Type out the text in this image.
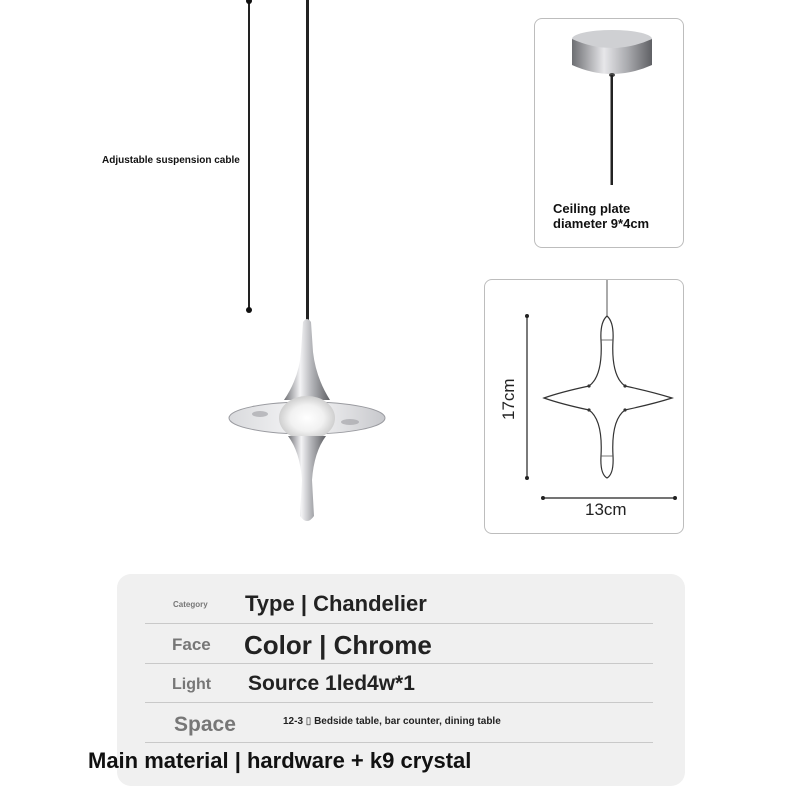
Adjustable suspension cable
Ceiling plate
diameter 9*4cm
17cm
13cm
Category Type | Chandelier
Face Color | Chrome
Light Source 1led4w*1
Space	12-3 ▯ Bedside table, bar counter, dining table
Main material | hardware + k9 crystal
